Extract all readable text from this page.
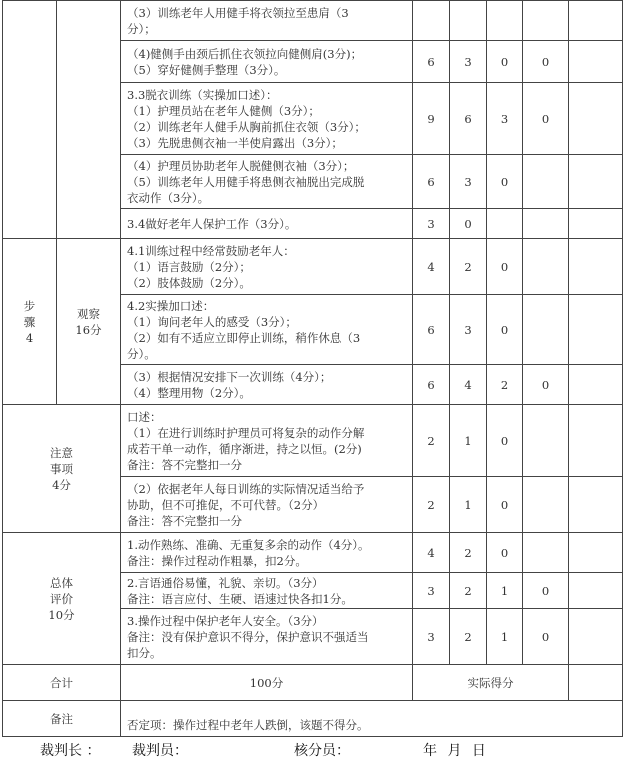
		（3）训练老年人用健手将衣领拉至患肩（3
分）；					

		（4)健侧手由颈后抓住衣领拉向健侧肩(3分)；
（5）穿好健侧手整理（3分）。	6	3	0	0	

		3.3脱衣训练（实操加口述）：
（1）护理员站在老年人健侧（3分）；
（2）训练老年人健手从胸前抓住衣领（3分）；
（3）先脱患侧衣袖一半使肩露出（3分）；	9	6	3	0	

		（4）护理员协助老年人脱健侧衣袖（3分）；
（5）训练老年人用健手将患侧衣袖脱出完成脱
衣动作（3分）。	6	3	0		

		3.4做好老年人保护工作（3分）。	3	0			

步
骤
4	观察
16分	4.1训练过程中经常鼓励老年人：
（1）语言鼓励（2分）；
（2）肢体鼓励（2分）。	4	2	0		

		4.2实操加口述：
（1）询问老年人的感受（3分）；
（2）如有不适应立即停止训练，稍作休息（3
分）。	6	3	0		

		（3）根据情况安排下一次训练（4分）；
（4）整理用物（2分）。	6	4	2	0	

注意
事项
4分		口述：
（1）在进行训练时护理员可将复杂的动作分解
成若干单一动作，循序渐进，持之以恒。(2分)
备注：答不完整扣一分	2	1	0		

		（2）依据老年人每日训练的实际情况适当给予
协助，但不可推促，不可代替。（2分）
备注：答不完整扣一分	2	1	0		

总体
评价
10分		1.动作熟练、准确、无重复多余的动作（4分）。
备注：操作过程动作粗暴，扣2分。	4	2	0		

		2.言语通俗易懂，礼貌、亲切。（3分）
备注：语言应付、生硬、语速过快各扣1分。	3	2	1	0	

		3.操作过程中保护老年人安全。（3分）
备注：没有保护意识不得分，保护意识不强适当
扣分。	3	2	1	0	
合计		100分	实际得分				
备注		否定项：操作过程中老年人跌倒，该题不得分。					
裁判长 ： 裁判员：	核分员：	年 月 日
